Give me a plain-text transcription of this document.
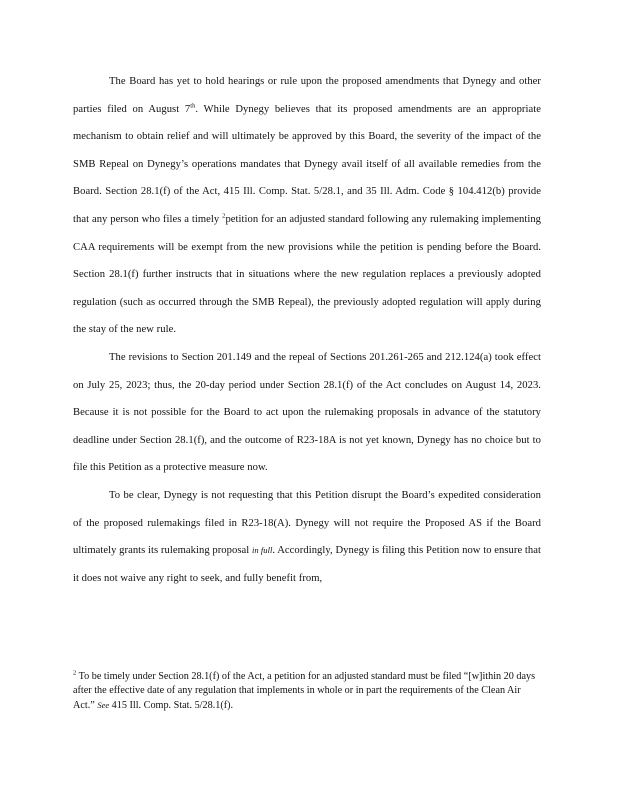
The Board has yet to hold hearings or rule upon the proposed amendments that Dynegy and other parties filed on August 7th. While Dynegy believes that its proposed amendments are an appropriate mechanism to obtain relief and will ultimately be approved by this Board, the severity of the impact of the SMB Repeal on Dynegy’s operations mandates that Dynegy avail itself of all available remedies from the Board. Section 28.1(f) of the Act, 415 Ill. Comp. Stat. 5/28.1, and 35 Ill. Adm. Code § 104.412(b) provide that any person who files a timely $^2$petition for an adjusted standard following any rulemaking implementing CAA requirements will be exempt from the new provisions while the petition is pending before the Board. Section 28.1(f) further instructs that in situations where the new regulation replaces a previously adopted regulation (such as occurred through the SMB Repeal), the previously adopted regulation will apply during the stay of the new rule.

The revisions to Section 201.149 and the repeal of Sections 201.261-265 and 212.124(a) took effect on July 25, 2023; thus, the 20-day period under Section 28.1(f) of the Act concludes on August 14, 2023. Because it is not possible for the Board to act upon the rulemaking proposals in advance of the statutory deadline under Section 28.1(f), and the outcome of R23-18A is not yet known, Dynegy has no choice but to file this Petition as a protective measure now.

To be clear, Dynegy is not requesting that this Petition disrupt the Board’s expedited consideration of the proposed rulemakings filed in R23-18(A). Dynegy will not require the Proposed AS if the Board ultimately grants its rulemaking proposal in full. Accordingly, Dynegy is filing this Petition now to ensure that it does not waive any right to seek, and fully benefit from,

$^2$ To be timely under Section 28.1(f) of the Act, a petition for an adjusted standard must be filed “[w]ithin 20 days after the effective date of any regulation that implements in whole or in part the requirements of the Clean Air Act.” See 415 Ill. Comp. Stat. 5/28.1(f).
